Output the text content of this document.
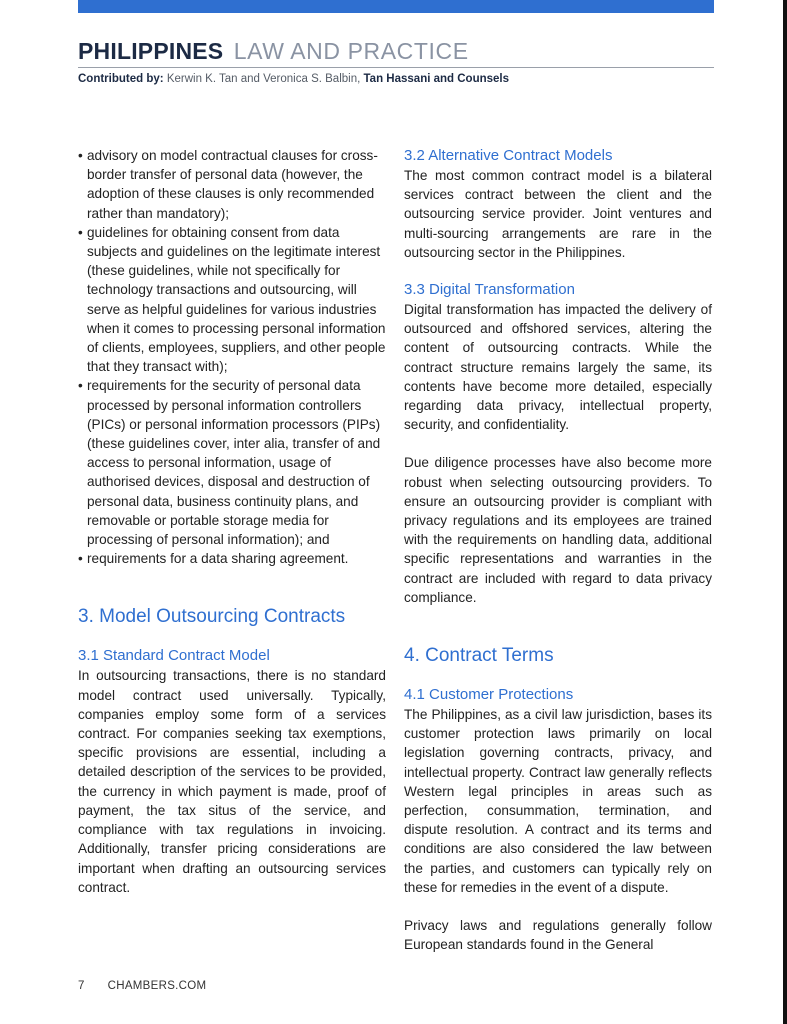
PHILIPPINES LAW AND PRACTICE
Contributed by: Kerwin K. Tan and Veronica S. Balbin, Tan Hassani and Counsels
• advisory on model contractual clauses for cross-border transfer of personal data (however, the adoption of these clauses is only recommended rather than mandatory);
• guidelines for obtaining consent from data subjects and guidelines on the legitimate interest (these guidelines, while not specifically for technology transactions and outsourcing, will serve as helpful guidelines for various industries when it comes to processing personal information of clients, employees, suppliers, and other people that they transact with);
• requirements for the security of personal data processed by personal information controllers (PICs) or personal information processors (PIPs) (these guidelines cover, inter alia, transfer of and access to personal information, usage of authorised devices, disposal and destruction of personal data, business continuity plans, and removable or portable storage media for processing of personal information); and
• requirements for a data sharing agreement.
3. Model Outsourcing Contracts
3.1 Standard Contract Model

In outsourcing transactions, there is no standard model contract used universally. Typically, companies employ some form of a services contract. For companies seeking tax exemptions, specific provisions are essential, including a detailed description of the services to be provided, the currency in which payment is made, proof of payment, the tax situs of the service, and compliance with tax regulations in invoicing. Additionally, transfer pricing considerations are important when drafting an outsourcing services contract.

3.2 Alternative Contract Models

The most common contract model is a bilateral services contract between the client and the outsourcing service provider. Joint ventures and multi-sourcing arrangements are rare in the outsourcing sector in the Philippines.

3.3 Digital Transformation

Digital transformation has impacted the delivery of outsourced and offshored services, altering the content of outsourcing contracts. While the contract structure remains largely the same, its contents have become more detailed, especially regarding data privacy, intellectual property, security, and confidentiality.

Due diligence processes have also become more robust when selecting outsourcing providers. To ensure an outsourcing provider is compliant with privacy regulations and its employees are trained with the requirements on handling data, additional specific representations and warranties in the contract are included with regard to data privacy compliance.

4. Contract Terms
4.1 Customer Protections

The Philippines, as a civil law jurisdiction, bases its customer protection laws primarily on local legislation governing contracts, privacy, and intellectual property. Contract law generally reflects Western legal principles in areas such as perfection, consummation, termination, and dispute resolution. A contract and its terms and conditions are also considered the law between the parties, and customers can typically rely on these for remedies in the event of a dispute.

Privacy laws and regulations generally follow European standards found in the General

7 CHAMBERS.COM
